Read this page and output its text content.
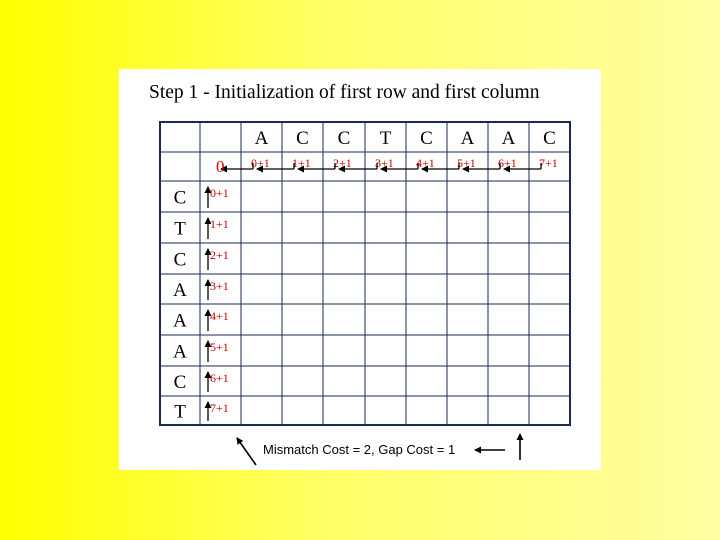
Step 1 - Initialization of first row and first column
A C C T C A A C
C
T
C
A
A
A
C
T
0+1 1+1 2+1 3+1 4+1 5+1 6+1 7+1
0+1
1+1
2+1
3+1
4+1
5+1
6+1
7+1
0
Mismatch Cost = 2, Gap Cost = 1
